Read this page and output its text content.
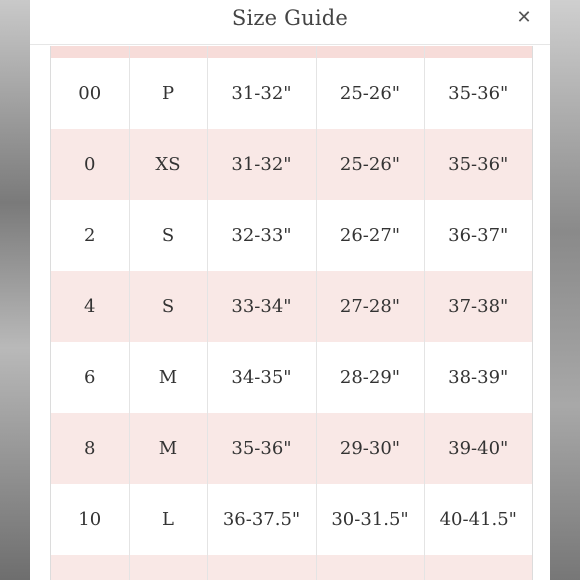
Size Guide	✕

00	P	31-32"	25-26"	35-36"
0	XS	31-32"	25-26"	35-36"
2	S	32-33"	26-27"	36-37"
4	S	33-34"	27-28"	37-38"
6	M	34-35"	28-29"	38-39"
8	M	35-36"	29-30"	39-40"
10	L	36-37.5"	30-31.5"	40-41.5"
